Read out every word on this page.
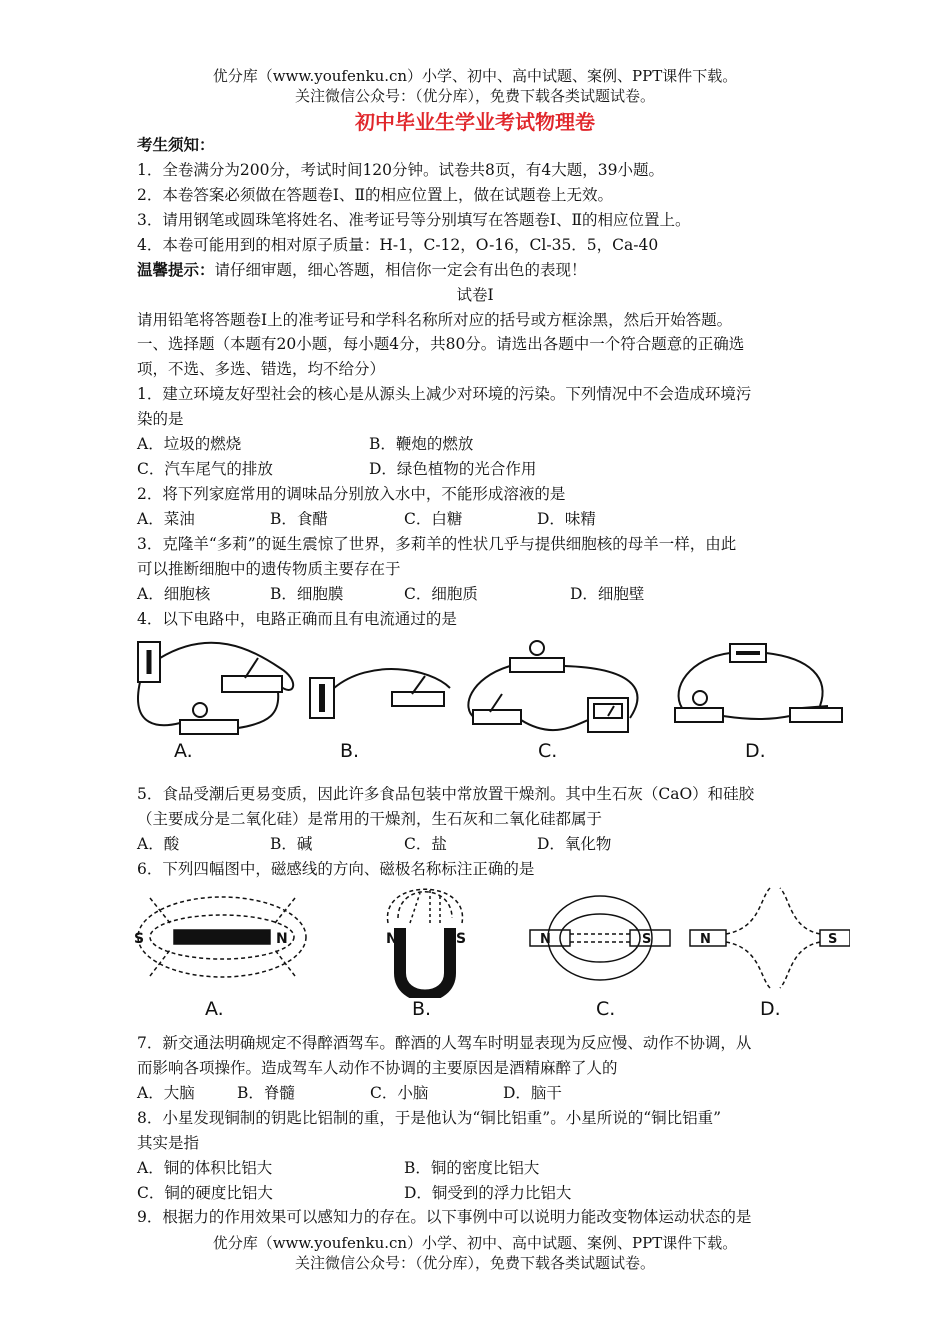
优分库（www.youfenku.cn）小学、初中、高中试题、案例、PPT课件下载。
关注微信公众号：（优分库），免费下载各类试题试卷。
初中毕业生学业考试物理卷
考生须知：
1．全卷满分为200分，考试时间120分钟。试卷共8页，有4大题，39小题。
2．本卷答案必须做在答题卷Ⅰ、Ⅱ的相应位置上，做在试题卷上无效。
3．请用钢笔或圆珠笔将姓名、准考证号等分别填写在答题卷Ⅰ、Ⅱ的相应位置上。
4．本卷可能用到的相对原子质量：H-1，C-12，O-16，Cl-35．5，Ca-40
温馨提示：请仔细审题，细心答题，相信你一定会有出色的表现！
试卷Ⅰ
请用铅笔将答题卷Ⅰ上的准考证号和学科名称所对应的括号或方框涂黑，然后开始答题。
一、选择题（本题有20小题，每小题4分，共80分。请选出各题中一个符合题意的正确选
项，不选、多选、错选，均不给分）
1．建立环境友好型社会的核心是从源头上减少对环境的污染。下列情况中不会造成环境污
染的是
A．垃圾的燃烧	B．鞭炮的燃放
C．汽车尾气的排放	D．绿色植物的光合作用
2．将下列家庭常用的调味品分别放入水中，不能形成溶液的是
A．菜油	B．食醋	C．白糖	D．味精
3．克隆羊“多莉”的诞生震惊了世界，多莉羊的性状几乎与提供细胞核的母羊一样，由此
可以推断细胞中的遗传物质主要存在于
A．细胞核	B．细胞膜	C．细胞质	D．细胞壁
4．以下电路中，电路正确而且有电流通过的是
A.	B.	C.	D.
5．食品受潮后更易变质，因此许多食品包装中常放置干燥剂。其中生石灰（CaO）和硅胶
（主要成分是二氧化硅）是常用的干燥剂，生石灰和二氧化硅都属于
A．酸	B．碱	C．盐	D．氧化物
6．下列四幅图中，磁感线的方向、磁极名称标注正确的是
S	N	N	S	N	S	N	S
A.	B.	C.	D.
7．新交通法明确规定不得醉酒驾车。醉酒的人驾车时明显表现为反应慢、动作不协调，从
而影响各项操作。造成驾车人动作不协调的主要原因是酒精麻醉了人的
A．大脑	B．脊髓	C．小脑	D．脑干
8．小星发现铜制的钥匙比铝制的重，于是他认为“铜比铝重”。小星所说的“铜比铝重”
其实是指
A．铜的体积比铝大	B．铜的密度比铝大
C．铜的硬度比铝大	D．铜受到的浮力比铝大
9．根据力的作用效果可以感知力的存在。以下事例中可以说明力能改变物体运动状态的是
优分库（www.youfenku.cn）小学、初中、高中试题、案例、PPT课件下载。
关注微信公众号：（优分库），免费下载各类试题试卷。
